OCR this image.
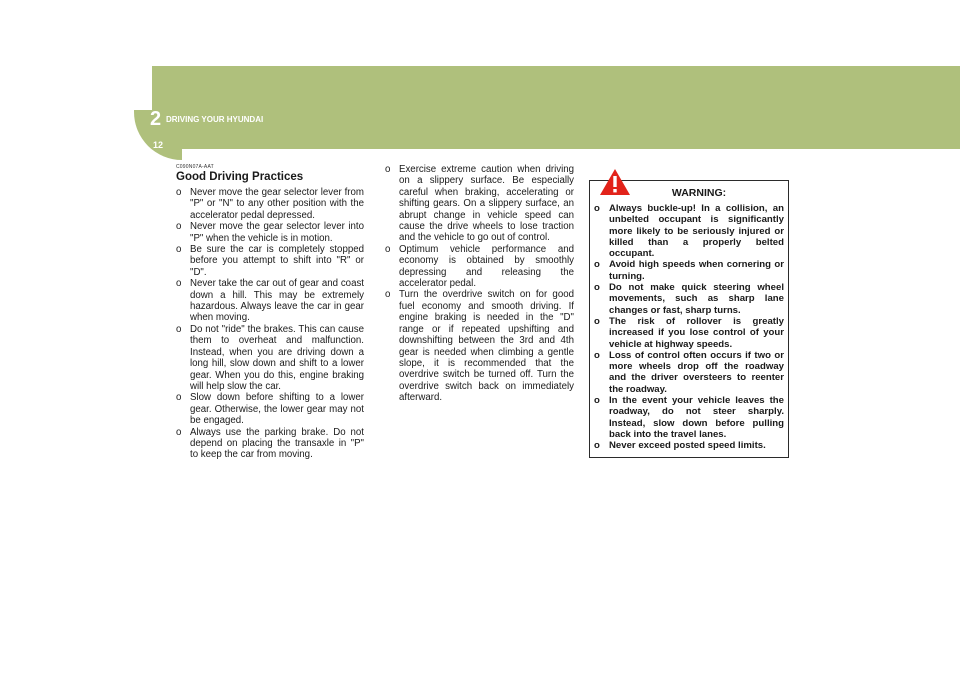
2 DRIVING YOUR HYUNDAI
12
C090N07A-AAT
Good Driving Practices
o Never move the gear selector lever from "P" or "N" to any other position with the accelerator pedal depressed.
o Never move the gear selector lever into "P" when the vehicle is in motion.
o Be sure the car is completely stopped before you attempt to shift into "R" or "D".
o Never take the car out of gear and coast down a hill. This may be extremely hazardous. Always leave the car in gear when moving.
o Do not "ride" the brakes. This can cause them to overheat and malfunction. Instead, when you are driving down a long hill, slow down and shift to a lower gear. When you do this, engine braking will help slow the car.
o Slow down before shifting to a lower gear. Otherwise, the lower gear may not be engaged.
o Always use the parking brake. Do not depend on placing the transaxle in "P" to keep the car from moving.
o Exercise extreme caution when driving on a slippery surface. Be especially careful when braking, accelerating or shifting gears. On a slippery surface, an abrupt change in vehicle speed can cause the drive wheels to lose traction and the vehicle to go out of control.
o Optimum vehicle performance and economy is obtained by smoothly depressing and releasing the accelerator pedal.
o Turn the overdrive switch on for good fuel economy and smooth driving. If engine braking is needed in the "D" range or if repeated upshifting and downshifting between the 3rd and 4th gear is needed when climbing a gentle slope, it is recommended that the overdrive switch be turned off. Turn the overdrive switch back on immediately afterward.
WARNING:
o Always buckle-up! In a collision, an unbelted occupant is significantly more likely to be seriously injured or killed than a properly belted occupant.
o Avoid high speeds when cornering or turning.
o Do not make quick steering wheel movements, such as sharp lane changes or fast, sharp turns.
o The risk of rollover is greatly increased if you lose control of your vehicle at highway speeds.
o Loss of control often occurs if two or more wheels drop off the roadway and the driver oversteers to reenter the roadway.
o In the event your vehicle leaves the roadway, do not steer sharply. Instead, slow down before pulling back into the travel lanes.
o Never exceed posted speed limits.
